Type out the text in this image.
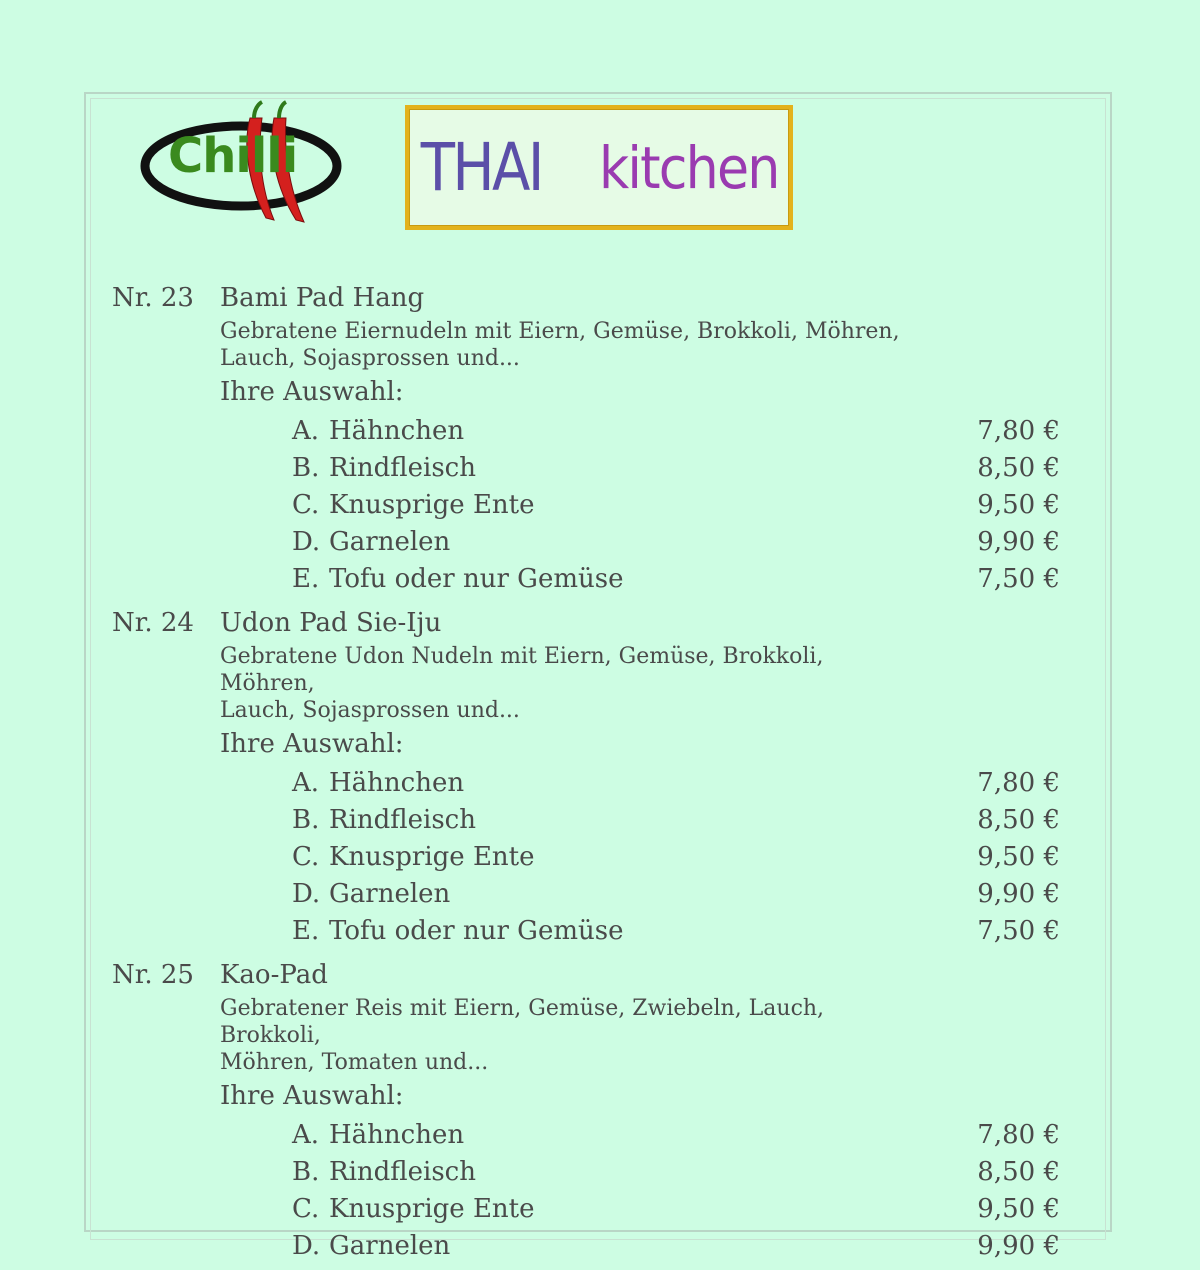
Chilli THAI kitchen
Nr. 23	Bami Pad Hang
Gebratene Eiernudeln mit Eiern, Gemüse, Brokkoli, Möhren,
Lauch, Sojasprossen und...
Ihre Auswahl:
A. Hähnchen	7,80 €
B. Rindfleisch	8,50 €
C. Knusprige Ente	9,50 €
D. Garnelen	9,90 €
E. Tofu oder nur Gemüse	7,50 €
Nr. 24	Udon Pad Sie-Iju
Gebratene Udon Nudeln mit Eiern, Gemüse, Brokkoli, Möhren,
Lauch, Sojasprossen und...
Ihre Auswahl:
A. Hähnchen	7,80 €
B. Rindfleisch	8,50 €
C. Knusprige Ente	9,50 €
D. Garnelen	9,90 €
E. Tofu oder nur Gemüse	7,50 €
Nr. 25	Kao-Pad
Gebratener Reis mit Eiern, Gemüse, Zwiebeln, Lauch, Brokkoli,
Möhren, Tomaten und...
Ihre Auswahl:
A. Hähnchen	7,80 €
B. Rindfleisch	8,50 €
C. Knusprige Ente	9,50 €
D. Garnelen	9,90 €
